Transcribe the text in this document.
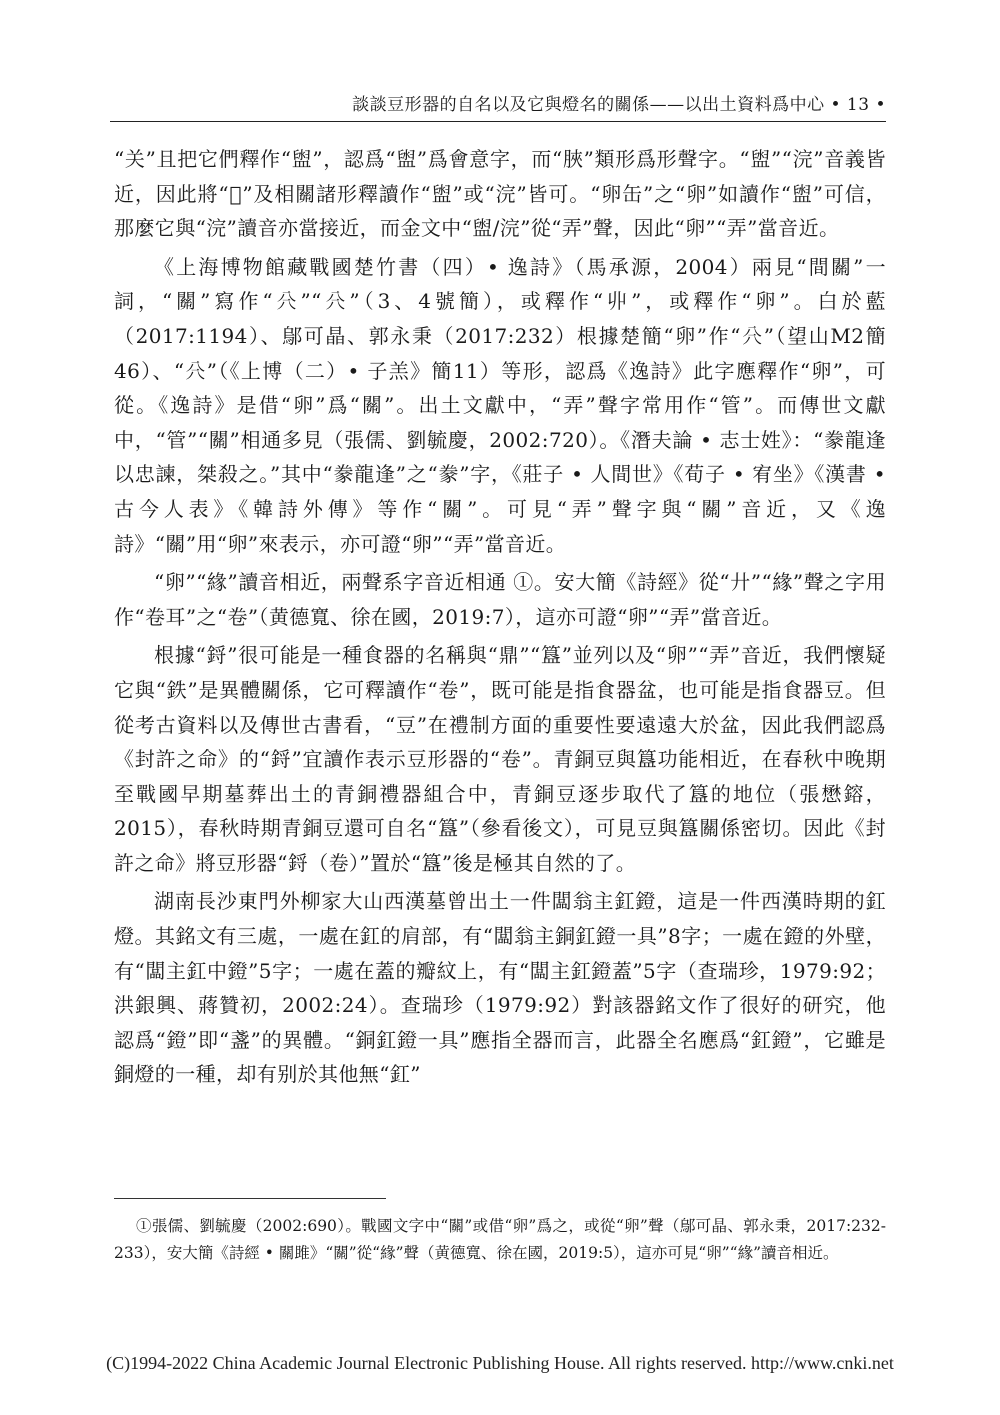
談談豆形器的自名以及它與燈名的關係——以出土資料爲中心 • 13 •

“关”且把它們釋作“盥”，認爲“盥”爲會意字，而“脥”類形爲形聲字。“盥”“浣”音義皆近，因此將“𨷭”及相關諸形釋讀作“盥”或“浣”皆可。“卵缶”之“卵”如讀作“盥”可信，那麼它與“浣”讀音亦當接近，而金文中“盥/浣”從“弄”聲，因此“卵”“弄”當音近。

《上海博物館藏戰國楚竹書（四）• 逸詩》（馬承源，2004）兩見“間關”一詞，“關”寫作“𠔁”“𠔁”（3、4號簡），或釋作“丱”，或釋作“卵”。白於藍（2017:1194）、鄔可晶、郭永秉（2017:232）根據楚簡“卵”作“𠔁”（望山M2簡46）、“𠔁”（《上博（二）• 子羔》簡11）等形，認爲《逸詩》此字應釋作“卵”，可從。《逸詩》是借“卵”爲“關”。出土文獻中，“弄”聲字常用作“管”。而傳世文獻中，“管”“關”相通多見（張儒、劉毓慶，2002:720）。《潛夫論 • 志士姓》：“豢龍逢以忠諫，桀殺之。”其中“豢龍逢”之“豢”字，《莊子 • 人間世》《荀子 • 宥坐》《漢書 • 古今人表》《韓詩外傳》等作“關”。可見“弄”聲字與“關”音近，又《逸詩》“關”用“卵”來表示，亦可證“卵”“弄”當音近。

“卵”“緣”讀音相近，兩聲系字音近相通 ①。安大簡《詩經》從“廾”“緣”聲之字用作“卷耳”之“卷”（黄德寬、徐在國，2019:7），這亦可證“卵”“弄”當音近。

根據“鋝”很可能是一種食器的名稱與“鼎”“簋”並列以及“卵”“弄”音近，我們懷疑它與“鉄”是異體關係，它可釋讀作“卷”，既可能是指食器盆，也可能是指食器豆。但從考古資料以及傳世古書看，“豆”在禮制方面的重要性要遠遠大於盆，因此我們認爲《封許之命》的“鋝”宜讀作表示豆形器的“卷”。青銅豆與簋功能相近，在春秋中晚期至戰國早期墓葬出土的青銅禮器組合中，青銅豆逐步取代了簋的地位（張懋鎔，2015），春秋時期青銅豆還可自名“簋”（參看後文），可見豆與簋關係密切。因此《封許之命》將豆形器“鋝（卷）”置於“簋”後是極其自然的了。

湖南長沙東門外柳家大山西漢墓曾出土一件闆翁主釭鐙，這是一件西漢時期的釭燈。其銘文有三處，一處在釭的肩部，有“闆翁主銅釭鐙一具”8字；一處在鐙的外壁，有“闆主釭中鐙”5字；一處在蓋的瓣紋上，有“闆主釭鐙蓋”5字（查瑞珍，1979:92；洪銀興、蔣贊初，2002:24）。查瑞珍（1979:92）對該器銘文作了很好的研究，他認爲“鐙”即“盞”的異體。“銅釭鐙一具”應指全器而言，此器全名應爲“釭鐙”，它雖是銅燈的一種，却有别於其他無“釭”

①張儒、劉毓慶（2002:690）。戰國文字中“關”或借“卵”爲之，或從“卵”聲（鄔可晶、郭永秉，2017:232-233），安大簡《詩經 • 關雎》“關”從“緣”聲（黄德寬、徐在國，2019:5），這亦可見“卵”“緣”讀音相近。

(C)1994-2022 China Academic Journal Electronic Publishing House. All rights reserved. http://www.cnki.net
